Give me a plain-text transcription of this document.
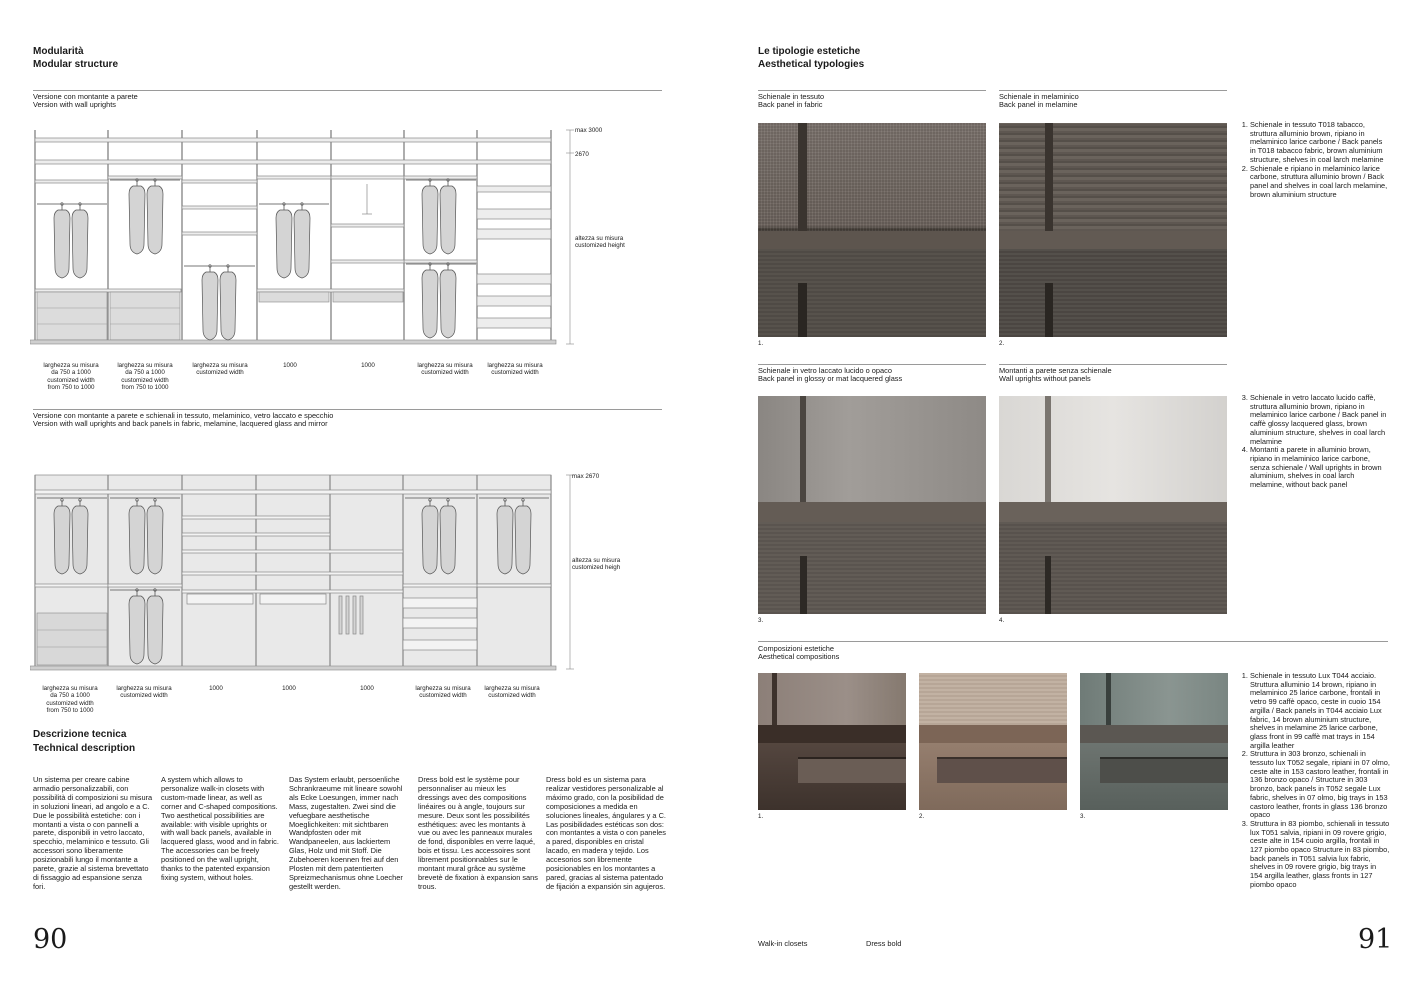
Modularità
Modular structure
Versione con montante a parete
Version with wall uprights
max 3000
2670
altezza su misura
customized height
larghezza su misura
da 750 a 1000
customized width
from 750 to 1000
larghezza su misura
da 750 a 1000
customized width
from 750 to 1000
larghezza su misura
customized width
1000	1000	larghezza su misura
customized width
larghezza su misura
customized width
Versione con montante a parete e schienali in tessuto, melaminico, vetro laccato e specchio
Version with wall uprights and back panels in fabric, melamine, lacquered glass and mirror
max 2670
altezza su misura
customized heigh
larghezza su misura
da 750 a 1000
customized width
from 750 to 1000
larghezza su misura
customized width
1000	1000	1000	larghezza su misura
customized width
larghezza su misura
customized width
Descrizione tecnica
Technical description
Un sistema per creare cabine armadio personalizzabili, con possibilità di composizioni su misura in soluzioni lineari, ad angolo e a C. Due le possibilità estetiche: con i montanti a vista o con pannelli a parete, disponibili in vetro laccato, specchio, melaminico e tessuto. Gli accessori sono liberamente posizionabili lungo il montante a parete, grazie al sistema brevettato di fissaggio ad espansione senza fori.
A system which allows to personalize walk-in closets with custom-made linear, as well as corner and C-shaped compositions. Two aesthetical possibilities are available: with visible uprights or with wall back panels, available in lacquered glass, wood and in fabric. The accessories can be freely positioned on the wall upright, thanks to the patented expansion fixing system, without holes.
Das System erlaubt, persoenliche Schrankraeume mit lineare sowohl als Ecke Loesungen, immer nach Mass, zugestalten. Zwei sind die vefuegbare aesthetische Moeglichkeiten: mit sichtbaren Wandpfosten oder mit Wandpaneelen, aus lackiertem Glas, Holz und mit Stoff. Die Zubehoeren koennen frei auf den Plosten mit dem patentierten Spreizmechanismus ohne Loecher gestellt werden.
Dress bold est le système pour personnaliser au mieux les dressings avec des compositions linéaires ou à angle, toujours sur mesure. Deux sont les possibilités esthétiques: avec les montants à vue ou avec les panneaux murales de fond, disponibles en verre laqué, bois et tissu. Les accessoires sont librement positionnables sur le montant mural grâce au système brevetè de fixation à expansion sans trous.
Dress bold es un sistema para realizar vestidores personalizable al máximo grado, con la posibilidad de composiciones a medida en soluciones lineales, ángulares y a C. Las posibilidades estéticas son dos: con montantes a vista o con paneles a pared, disponibles en cristal lacado, en madera y tejido. Los accesorios son libremente posicionables en los montantes a pared, gracias al sistema patentado de fijación a expansión sin agujeros.
90
Le tipologie estetiche
Aesthetical typologies
Schienale in tessuto
Back panel in fabric
Schienale in melaminico
Back panel in melamine
1.	2.
1. Schienale in tessuto T018 tabacco, struttura alluminio brown, ripiano in melaminico larice carbone / Back panels in T018 tabacco fabric, brown aluminium structure, shelves in coal larch melamine
2. Schienale e ripiano in melaminico larice carbone, struttura alluminio brown / Back panel and shelves in coal larch melamine, brown aluminium structure
Schienale in vetro laccato lucido o opaco
Back panel in glossy or mat lacquered glass
Montanti a parete senza schienale
Wall uprights without panels
3.	4.
3. Schienale in vetro laccato lucido caffè, struttura alluminio brown, ripiano in melaminico larice carbone / Back panel in caffè glossy lacquered glass, brown aluminium structure, shelves in coal larch melamine
4. Montanti a parete in alluminio brown, ripiano in melaminico larice carbone, senza schienale / Wall uprights in brown aluminium, shelves in coal larch melamine, without back panel
Composizioni estetiche
Aesthetical compositions
1.	2.	3.
1. Schienale in tessuto Lux T044 acciaio. Struttura alluminio 14 brown, ripiano in melaminico 25 larice carbone, frontali in vetro 99 caffè opaco, ceste in cuoio 154 argilla / Back panels in T044 acciaio Lux fabric, 14 brown aluminium structure, shelves in melamine 25 larice carbone, glass front in 99 caffè mat trays in 154 argilla leather
2. Struttura in 303 bronzo, schienali in tessuto lux T052 segale, ripiani in 07 olmo, ceste alte in 153 castoro leather, frontali in 136 bronzo opaco / Structure in 303 bronzo, back panels in T052 segale Lux fabric, shelves in 07 olmo, big trays in 153 castoro leather, fronts in glass 136 bronzo opaco
3. Struttura in 83 piombo, schienali in tessuto lux T051 salvia, ripiani in 09 rovere grigio, ceste alte in 154 cuoio argilla, frontali in 127 piombo opaco Structure in 83 piombo, back panels in T051 salvia lux fabric, shelves in 09 rovere grigio, big trays in 154 argilla leather, glass fronts in 127 piombo opaco
Walk-in closets	Dress bold	91
